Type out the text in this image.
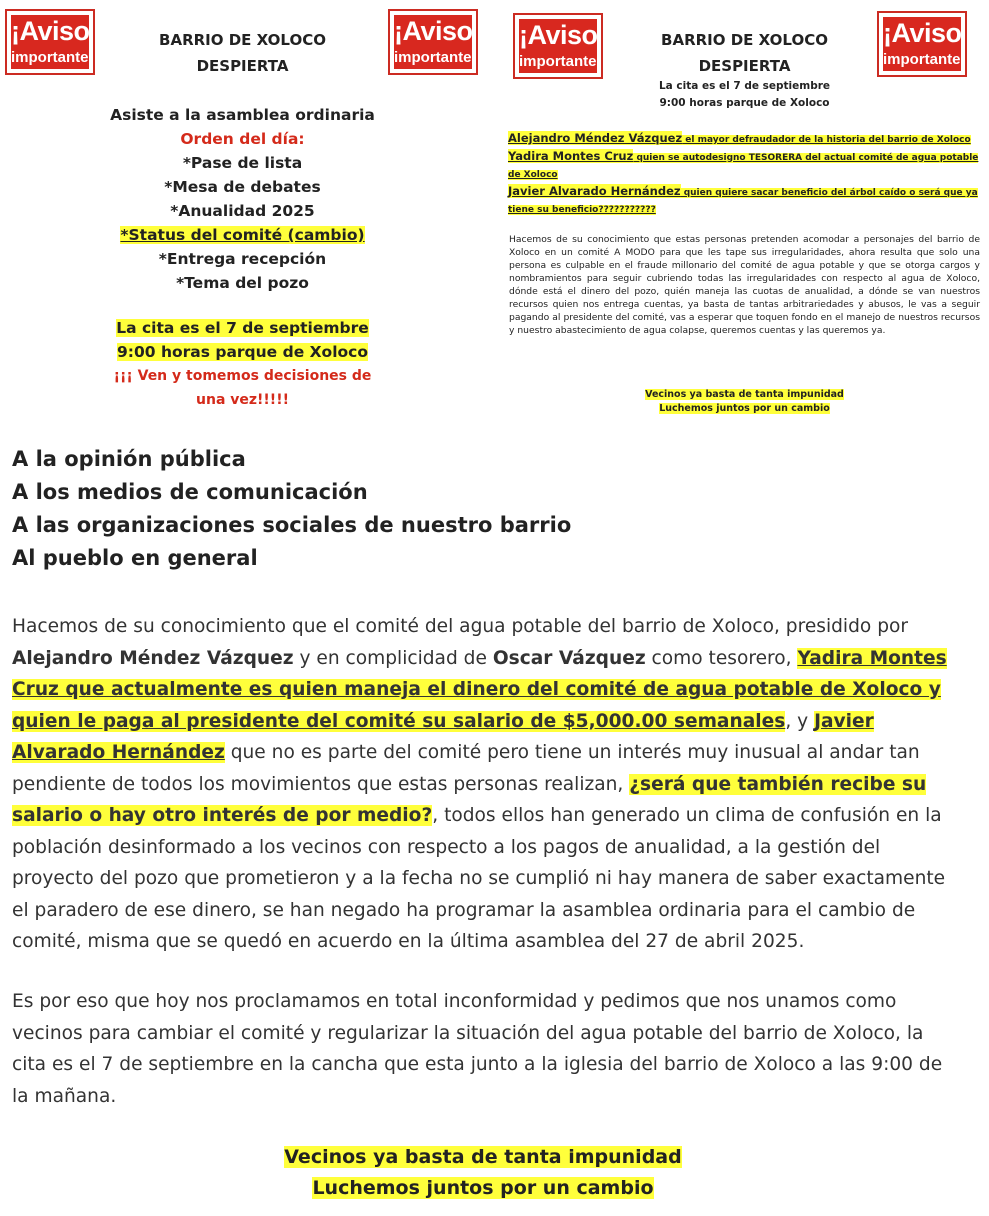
¡Aviso
importante!
¡Aviso
importante!
¡Aviso
importante!
¡Aviso
importante!
BARRIO DE XOLOCO
DESPIERTA
Asiste a la asamblea ordinaria
Orden del día:
*Pase de lista
*Mesa de debates
*Anualidad 2025
*Status del comité (cambio)
*Entrega recepción
*Tema del pozo
La cita es el 7 de septiembre
9:00 horas parque de Xoloco
¡¡¡ Ven y tomemos decisiones de una vez!!!!!
BARRIO DE XOLOCO
DESPIERTA
La cita es el 7 de septiembre
9:00 horas parque de Xoloco
Alejandro Méndez Vázquez el mayor defraudador de la historia del barrio de Xoloco
Yadira Montes Cruz quien se autodesigno TESORERA del actual comité de agua potable de Xoloco
Javier Alvarado Hernández quien quiere sacar beneficio del árbol caído o será que ya tiene su beneficio???????????
Hacemos de su conocimiento que estas personas pretenden acomodar a personajes del barrio de Xoloco en un comité A MODO para que les tape sus irregularidades, ahora resulta que solo una persona es culpable en el fraude millonario del comité de agua potable y que se otorga cargos y nombramientos para seguir cubriendo todas las irregularidades con respecto al agua de Xoloco, dónde está el dinero del pozo, quién maneja las cuotas de anualidad, a dónde se van nuestros recursos quien nos entrega cuentas, ya basta de tantas arbitrariedades y abusos, le vas a seguir pagando al presidente del comité, vas a esperar que toquen fondo en el manejo de nuestros recursos y nuestro abastecimiento de agua colapse, queremos cuentas y las queremos ya.
Vecinos ya basta de tanta impunidad
Luchemos juntos por un cambio
A la opinión pública
A los medios de comunicación
A las organizaciones sociales de nuestro barrio
Al pueblo en general
Hacemos de su conocimiento que el comité del agua potable del barrio de Xoloco, presidido por Alejandro Méndez Vázquez y en complicidad de Oscar Vázquez como tesorero, Yadira Montes Cruz que actualmente es quien maneja el dinero del comité de agua potable de Xoloco y quien le paga al presidente del comité su salario de $5,000.00 semanales, y Javier Alvarado Hernández que no es parte del comité pero tiene un interés muy inusual al andar tan pendiente de todos los movimientos que estas personas realizan, ¿será que también recibe su salario o hay otro interés de por medio?, todos ellos han generado un clima de confusión en la población desinformado a los vecinos con respecto a los pagos de anualidad, a la gestión del proyecto del pozo que prometieron y a la fecha no se cumplió ni hay manera de saber exactamente el paradero de ese dinero, se han negado ha programar la asamblea ordinaria para el cambio de comité, misma que se quedó en acuerdo en la última asamblea del 27 de abril 2025.
Es por eso que hoy nos proclamamos en total inconformidad y pedimos que nos unamos como vecinos para cambiar el comité y regularizar la situación del agua potable del barrio de Xoloco, la cita es el 7 de septiembre en la cancha que esta junto a la iglesia del barrio de Xoloco a las 9:00 de la mañana.
Vecinos ya basta de tanta impunidad
Luchemos juntos por un cambio
